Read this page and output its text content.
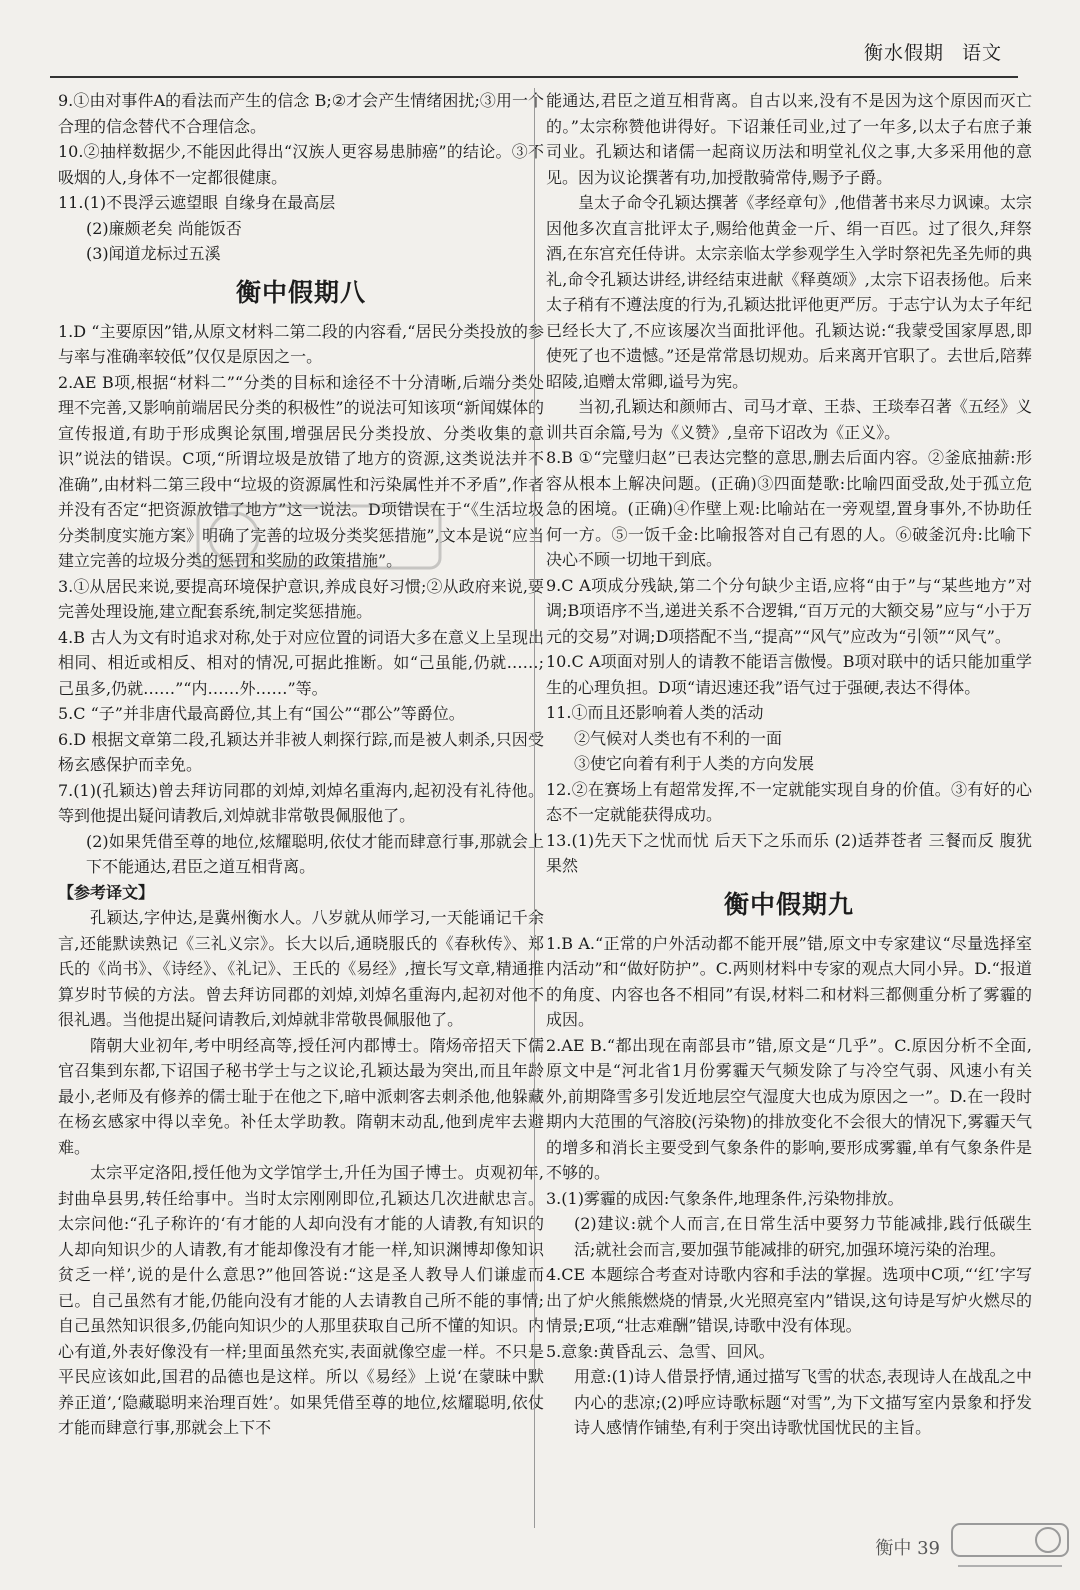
衡水假期 语文

9.①由对事件A的看法而产生的信念 B;②才会产生情绪困扰;③用一个合理的信念替代不合理信念。

10.②抽样数据少,不能因此得出“汉族人更容易患肺癌”的结论。③不吸烟的人,身体不一定都很健康。

11.(1)不畏浮云遮望眼 自缘身在最高层

(2)廉颇老矣 尚能饭否

(3)闻道龙标过五溪

衡中假期八

1.D “主要原因”错,从原文材料二第二段的内容看,“居民分类投放的参与率与准确率较低”仅仅是原因之一。

2.AE B项,根据“材料二”“分类的目标和途径不十分清晰,后端分类处理不完善,又影响前端居民分类的积极性”的说法可知该项“新闻媒体的宣传报道,有助于形成舆论氛围,增强居民分类投放、分类收集的意识”说法的错误。C项,“所谓垃圾是放错了地方的资源,这类说法并不准确”,由材料二第三段中“垃圾的资源属性和污染属性并不矛盾”,作者并没有否定“把资源放错了地方”这一说法。D项错误在于“《生活垃圾分类制度实施方案》明确了完善的垃圾分类奖惩措施”,文本是说“应当建立完善的垃圾分类的惩罚和奖励的政策措施”。

3.①从居民来说,要提高环境保护意识,养成良好习惯;②从政府来说,要完善处理设施,建立配套系统,制定奖惩措施。

4.B 古人为文有时追求对称,处于对应位置的词语大多在意义上呈现出相同、相近或相反、相对的情况,可据此推断。如“己虽能,仍就……;己虽多,仍就……”“内……外……”等。

5.C “子”并非唐代最高爵位,其上有“国公”“郡公”等爵位。

6.D 根据文章第二段,孔颖达并非被人刺探行踪,而是被人刺杀,只因受杨玄感保护而幸免。

7.(1)(孔颖达)曾去拜访同郡的刘焯,刘焯名重海内,起初没有礼待他。等到他提出疑问请教后,刘焯就非常敬畏佩服他了。

(2)如果凭借至尊的地位,炫耀聪明,依仗才能而肆意行事,那就会上下不能通达,君臣之道互相背离。

【参考译文】

孔颖达,字仲达,是冀州衡水人。八岁就从师学习,一天能诵记千余言,还能默读熟记《三礼义宗》。长大以后,通晓服氏的《春秋传》、郑氏的《尚书》、《诗经》、《礼记》、王氏的《易经》,擅长写文章,精通推算岁时节候的方法。曾去拜访同郡的刘焯,刘焯名重海内,起初对他不很礼遇。当他提出疑问请教后,刘焯就非常敬畏佩服他了。

隋朝大业初年,考中明经高等,授任河内郡博士。隋炀帝招天下儒官召集到东都,下诏国子秘书学士与之议论,孔颖达最为突出,而且年龄最小,老师及有修养的儒士耻于在他之下,暗中派刺客去刺杀他,他躲藏在杨玄感家中得以幸免。补任太学助教。隋朝末动乱,他到虎牢去避难。

太宗平定洛阳,授任他为文学馆学士,升任为国子博士。贞观初年,封曲阜县男,转任给事中。当时太宗刚刚即位,孔颖达几次进献忠言。太宗问他:“孔子称许的‘有才能的人却向没有才能的人请教,有知识的人却向知识少的人请教,有才能却像没有才能一样,知识渊博却像知识贫乏一样’,说的是什么意思?”他回答说:“这是圣人教导人们谦虚而已。自己虽然有才能,仍能向没有才能的人去请教自己所不能的事情;自己虽然知识很多,仍能向知识少的人那里获取自己所不懂的知识。内心有道,外表好像没有一样;里面虽然充实,表面就像空虚一样。不只是平民应该如此,国君的品德也是这样。所以《易经》上说‘在蒙昧中默养正道’,‘隐藏聪明来治理百姓’。如果凭借至尊的地位,炫耀聪明,依仗才能而肆意行事,那就会上下不

能通达,君臣之道互相背离。自古以来,没有不是因为这个原因而灭亡的。”太宗称赞他讲得好。下诏兼任司业,过了一年多,以太子右庶子兼司业。孔颖达和诸儒一起商议历法和明堂礼仪之事,大多采用他的意见。因为议论撰著有功,加授散骑常侍,赐予子爵。

皇太子命令孔颖达撰著《孝经章句》,他借著书来尽力讽谏。太宗因他多次直言批评太子,赐给他黄金一斤、绢一百匹。过了很久,拜祭酒,在东宫充任侍讲。太宗亲临太学参观学生入学时祭祀先圣先师的典礼,命令孔颖达讲经,讲经结束进献《释奠颂》,太宗下诏表扬他。后来太子稍有不遵法度的行为,孔颖达批评他更严厉。于志宁认为太子年纪已经长大了,不应该屡次当面批评他。孔颖达说:“我蒙受国家厚恩,即使死了也不遗憾。”还是常常恳切规劝。后来离开官职了。去世后,陪葬昭陵,追赠太常卿,谥号为宪。

当初,孔颖达和颜师古、司马才章、王恭、王琰奉召著《五经》义训共百余篇,号为《义赞》,皇帝下诏改为《正义》。

8.B ①“完璧归赵”已表达完整的意思,删去后面内容。②釜底抽薪:形容从根本上解决问题。(正确)③四面楚歌:比喻四面受敌,处于孤立危急的困境。(正确)④作壁上观:比喻站在一旁观望,置身事外,不协助任何一方。⑤一饭千金:比喻报答对自己有恩的人。⑥破釜沉舟:比喻下决心不顾一切地干到底。

9.C A项成分残缺,第二个分句缺少主语,应将“由于”与“某些地方”对调;B项语序不当,递进关系不合逻辑,“百万元的大额交易”应与“小于万元的交易”对调;D项搭配不当,“提高”“风气”应改为“引领”“风气”。

10.C A项面对别人的请教不能语言傲慢。B项对联中的话只能加重学生的心理负担。D项“请迟速还我”语气过于强硬,表达不得体。

11.①而且还影响着人类的活动

②气候对人类也有不利的一面

③使它向着有利于人类的方向发展

12.②在赛场上有超常发挥,不一定就能实现自身的价值。③有好的心态不一定就能获得成功。

13.(1)先天下之忧而忧 后天下之乐而乐 (2)适莽苍者 三餐而反 腹犹果然

衡中假期九

1.B A.“正常的户外活动都不能开展”错,原文中专家建议“尽量选择室内活动”和“做好防护”。C.两则材料中专家的观点大同小异。D.“报道的角度、内容也各不相同”有误,材料二和材料三都侧重分析了雾霾的成因。

2.AE B.“都出现在南部县市”错,原文是“几乎”。C.原因分析不全面,原文中是“河北省1月份雾霾天气频发除了与冷空气弱、风速小有关外,前期降雪多引发近地层空气湿度大也成为原因之一”。D.在一段时期内大范围的气溶胶(污染物)的排放变化不会很大的情况下,雾霾天气的增多和消长主要受到气象条件的影响,要形成雾霾,单有气象条件是不够的。

3.(1)雾霾的成因:气象条件,地理条件,污染物排放。

(2)建议:就个人而言,在日常生活中要努力节能减排,践行低碳生活;就社会而言,要加强节能减排的研究,加强环境污染的治理。

4.CE 本题综合考查对诗歌内容和手法的掌握。选项中C项,“‘红’字写出了炉火熊熊燃烧的情景,火光照亮室内”错误,这句诗是写炉火燃尽的情景;E项,“壮志难酬”错误,诗歌中没有体现。

5.意象:黄昏乱云、急雪、回风。

用意:(1)诗人借景抒情,通过描写飞雪的状态,表现诗人在战乱之中内心的悲凉;(2)呼应诗歌标题“对雪”,为下文描写室内景象和抒发诗人感情作铺垫,有利于突出诗歌忧国忧民的主旨。

衡中 39
